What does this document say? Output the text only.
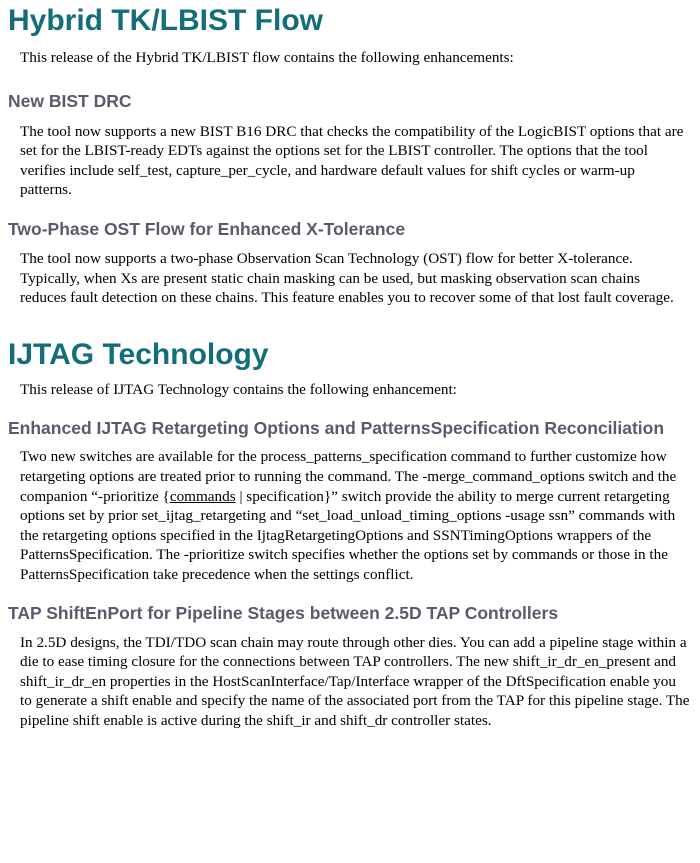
Hybrid TK/LBIST Flow

This release of the Hybrid TK/LBIST flow contains the following enhancements:

New BIST DRC

The tool now supports a new BIST B16 DRC that checks the compatibility of the LogicBIST options that are set for the LBIST-ready EDTs against the options set for the LBIST controller. The options that the tool verifies include self_test, capture_per_cycle, and hardware default values for shift cycles or warm-up patterns.

Two-Phase OST Flow for Enhanced X-Tolerance

The tool now supports a two-phase Observation Scan Technology (OST) flow for better X-tolerance. Typically, when Xs are present static chain masking can be used, but masking observation scan chains reduces fault detection on these chains. This feature enables you to recover some of that lost fault coverage.

IJTAG Technology

This release of IJTAG Technology contains the following enhancement:

Enhanced IJTAG Retargeting Options and PatternsSpecification Reconciliation

Two new switches are available for the process_patterns_specification command to further customize how retargeting options are treated prior to running the command. The -merge_command_options switch and the companion “-prioritize {commands | specification}” switch provide the ability to merge current retargeting options set by prior set_ijtag_retargeting and “set_load_unload_timing_options -usage ssn” commands with the retargeting options specified in the IjtagRetargetingOptions and SSNTimingOptions wrappers of the PatternsSpecification. The -prioritize switch specifies whether the options set by commands or those in the PatternsSpecification take precedence when the settings conflict.

TAP ShiftEnPort for Pipeline Stages between 2.5D TAP Controllers

In 2.5D designs, the TDI/TDO scan chain may route through other dies. You can add a pipeline stage within a die to ease timing closure for the connections between TAP controllers. The new shift_ir_dr_en_present and shift_ir_dr_en properties in the HostScanInterface/Tap/Interface wrapper of the DftSpecification enable you to generate a shift enable and specify the name of the associated port from the TAP for this pipeline stage. The pipeline shift enable is active during the shift_ir and shift_dr controller states.
